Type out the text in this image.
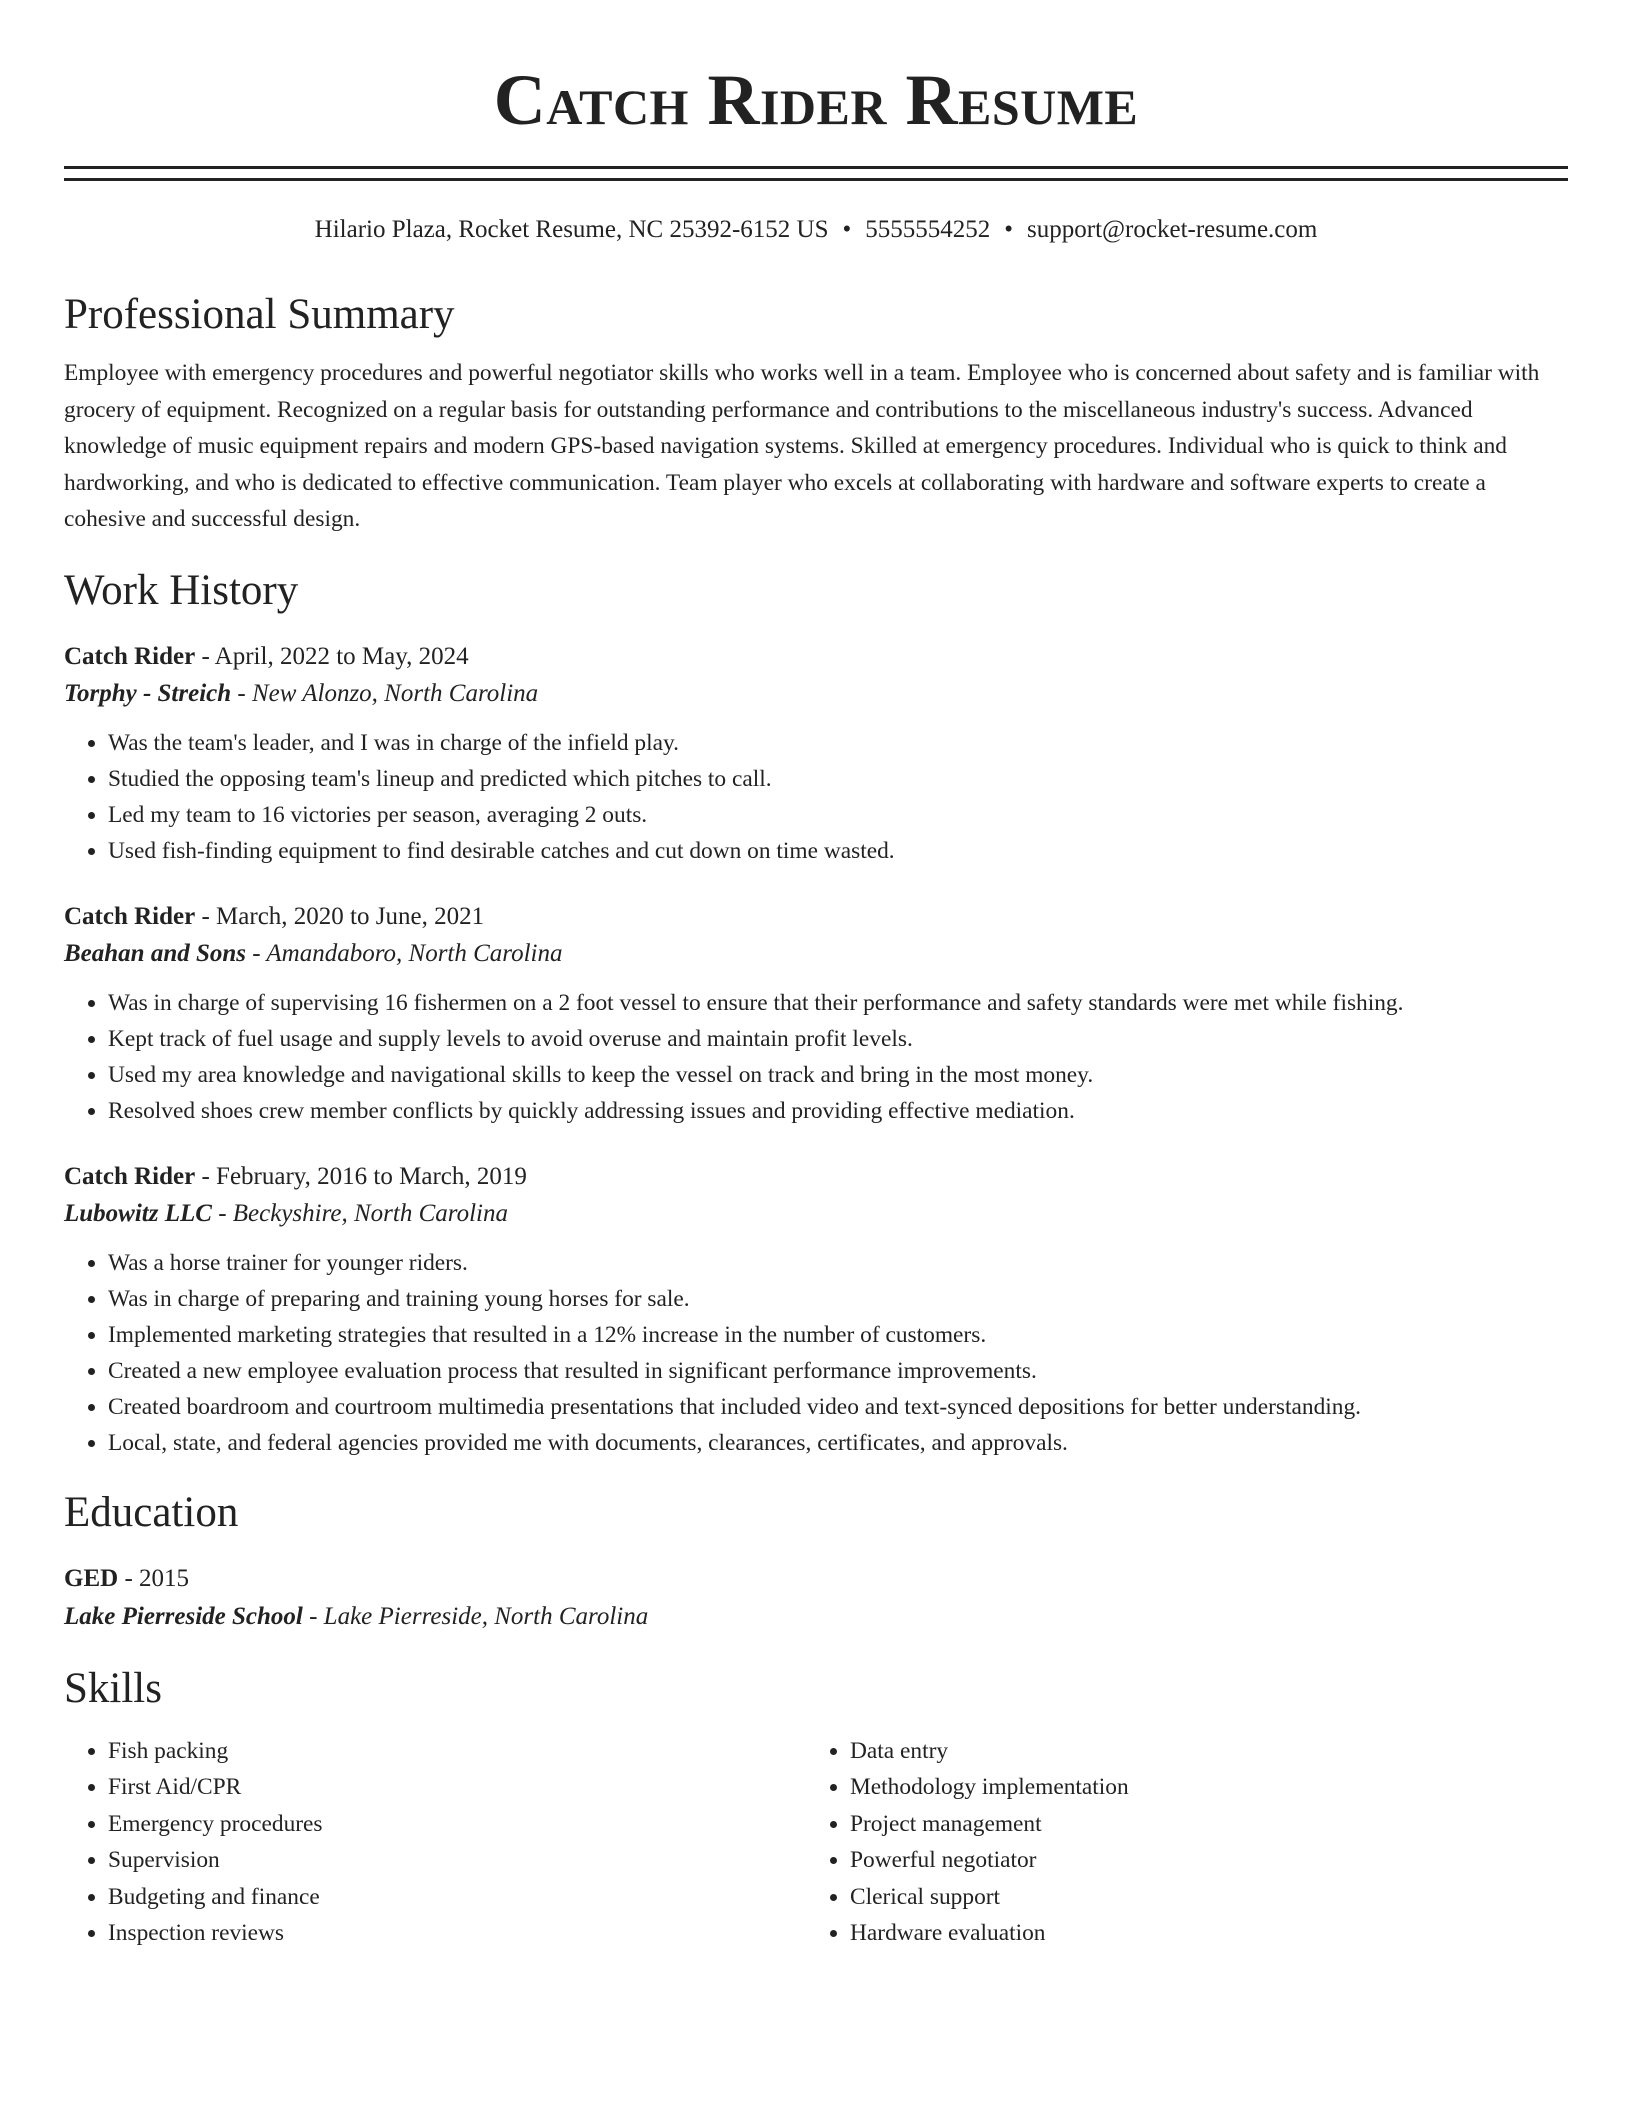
Catch Rider Resume
Hilario Plaza, Rocket Resume, NC 25392-6152 US • 5555554252 • support@rocket-resume.com
Professional Summary

Employee with emergency procedures and powerful negotiator skills who works well in a team. Employee who is concerned about safety and is familiar with grocery of equipment. Recognized on a regular basis for outstanding performance and contributions to the miscellaneous industry's success. Advanced knowledge of music equipment repairs and modern GPS-based navigation systems. Skilled at emergency procedures. Individual who is quick to think and hardworking, and who is dedicated to effective communication. Team player who excels at collaborating with hardware and software experts to create a cohesive and successful design.

Work History
Catch Rider - April, 2022 to May, 2024
Torphy - Streich - New Alonzo, North Carolina
• Was the team's leader, and I was in charge of the infield play.
• Studied the opposing team's lineup and predicted which pitches to call.
• Led my team to 16 victories per season, averaging 2 outs.
• Used fish-finding equipment to find desirable catches and cut down on time wasted.
Catch Rider - March, 2020 to June, 2021
Beahan and Sons - Amandaboro, North Carolina
• Was in charge of supervising 16 fishermen on a 2 foot vessel to ensure that their performance and safety standards were met while fishing.
• Kept track of fuel usage and supply levels to avoid overuse and maintain profit levels.
• Used my area knowledge and navigational skills to keep the vessel on track and bring in the most money.
• Resolved shoes crew member conflicts by quickly addressing issues and providing effective mediation.
Catch Rider - February, 2016 to March, 2019
Lubowitz LLC - Beckyshire, North Carolina
• Was a horse trainer for younger riders.
• Was in charge of preparing and training young horses for sale.
• Implemented marketing strategies that resulted in a 12% increase in the number of customers.
• Created a new employee evaluation process that resulted in significant performance improvements.
• Created boardroom and courtroom multimedia presentations that included video and text-synced depositions for better understanding.
• Local, state, and federal agencies provided me with documents, clearances, certificates, and approvals.
Education
GED - 2015
Lake Pierreside School - Lake Pierreside, North Carolina
Skills
• Fish packing
• First Aid/CPR
• Emergency procedures
• Supervision
• Budgeting and finance
• Inspection reviews
• Data entry
• Methodology implementation
• Project management
• Powerful negotiator
• Clerical support
• Hardware evaluation
